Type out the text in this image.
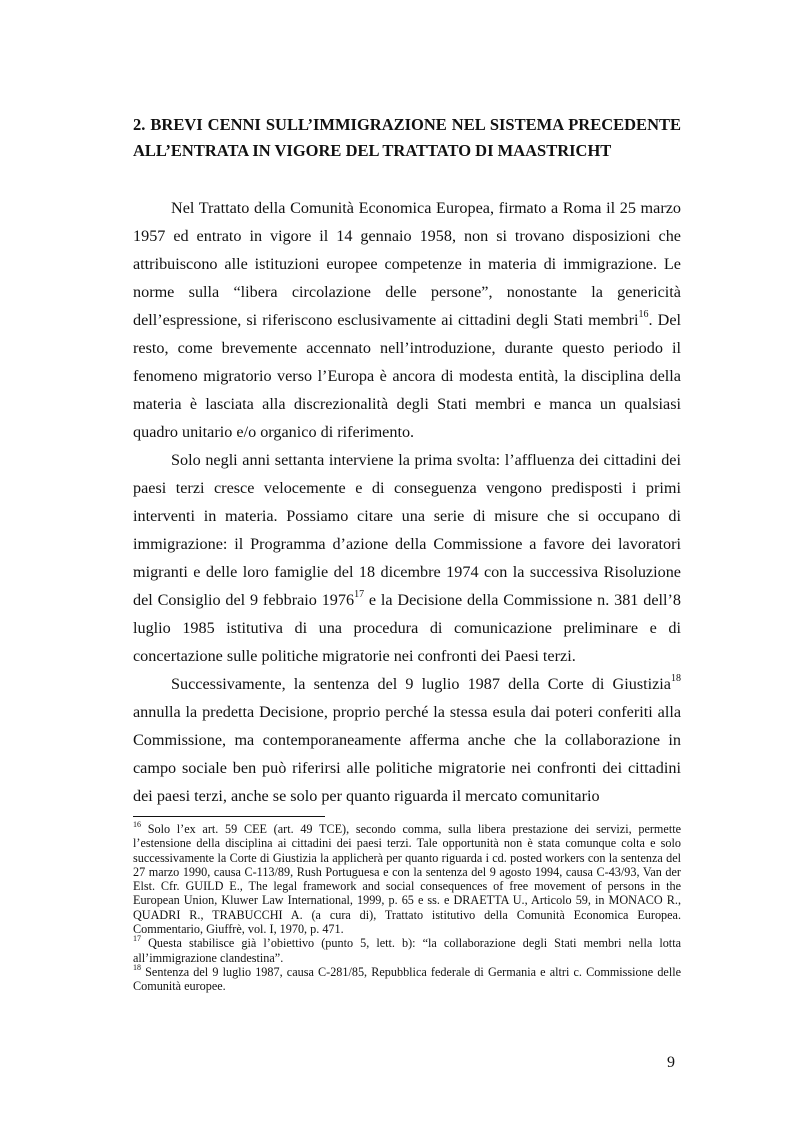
2. BREVI CENNI SULL’IMMIGRAZIONE NEL SISTEMA PRECEDENTE
ALL’ENTRATA IN VIGORE DEL TRATTATO DI MAASTRICHT

Nel Trattato della Comunità Economica Europea, firmato a Roma il 25 marzo 1957 ed entrato in vigore il 14 gennaio 1958, non si trovano disposizioni che attribuiscono alle istituzioni europee competenze in materia di immigrazione. Le norme sulla “libera circolazione delle persone”, nonostante la genericità dell’espressione, si riferiscono esclusivamente ai cittadini degli Stati membri$^{16}$. Del resto, come brevemente accennato nell’introduzione, durante questo periodo il fenomeno migratorio verso l’Europa è ancora di modesta entità, la disciplina della materia è lasciata alla discrezionalità degli Stati membri e manca un qualsiasi quadro unitario e/o organico di riferimento.

Solo negli anni settanta interviene la prima svolta: l’affluenza dei cittadini dei paesi terzi cresce velocemente e di conseguenza vengono predisposti i primi interventi in materia. Possiamo citare una serie di misure che si occupano di immigrazione: il Programma d’azione della Commissione a favore dei lavoratori migranti e delle loro famiglie del 18 dicembre 1974 con la successiva Risoluzione del Consiglio del 9 febbraio 1976$^{17}$ e la Decisione della Commissione n. 381 dell’8 luglio 1985 istitutiva di una procedura di comunicazione preliminare e di concertazione sulle politiche migratorie nei confronti dei Paesi terzi.

Successivamente, la sentenza del 9 luglio 1987 della Corte di Giustizia$^{18}$ annulla la predetta Decisione, proprio perché la stessa esula dai poteri conferiti alla Commissione, ma contemporaneamente afferma anche che la collaborazione in campo sociale ben può riferirsi alle politiche migratorie nei confronti dei cittadini dei paesi terzi, anche se solo per quanto riguarda il mercato comunitario

$^{16}$ Solo l’ex art. 59 CEE (art. 49 TCE), secondo comma, sulla libera prestazione dei servizi, permette l’estensione della disciplina ai cittadini dei paesi terzi. Tale opportunità non è stata comunque colta e solo successivamente la Corte di Giustizia la applicherà per quanto riguarda i cd. posted workers con la sentenza del 27 marzo 1990, causa C-113/89, Rush Portuguesa e con la sentenza del 9 agosto 1994, causa C-43/93, Van der Elst. Cfr. GUILD E., The legal framework and social consequences of free movement of persons in the European Union, Kluwer Law International, 1999, p. 65 e ss. e DRAETTA U., Articolo 59, in MONACO R., QUADRI R., TRABUCCHI A. (a cura di), Trattato istitutivo della Comunità Economica Europea. Commentario, Giuffrè, vol. I, 1970, p. 471.

$^{17}$ Questa stabilisce già l’obiettivo (punto 5, lett. b): “la collaborazione degli Stati membri nella lotta all’immigrazione clandestina”.

$^{18}$ Sentenza del 9 luglio 1987, causa C-281/85, Repubblica federale di Germania e altri c. Commissione delle Comunità europee.

9
